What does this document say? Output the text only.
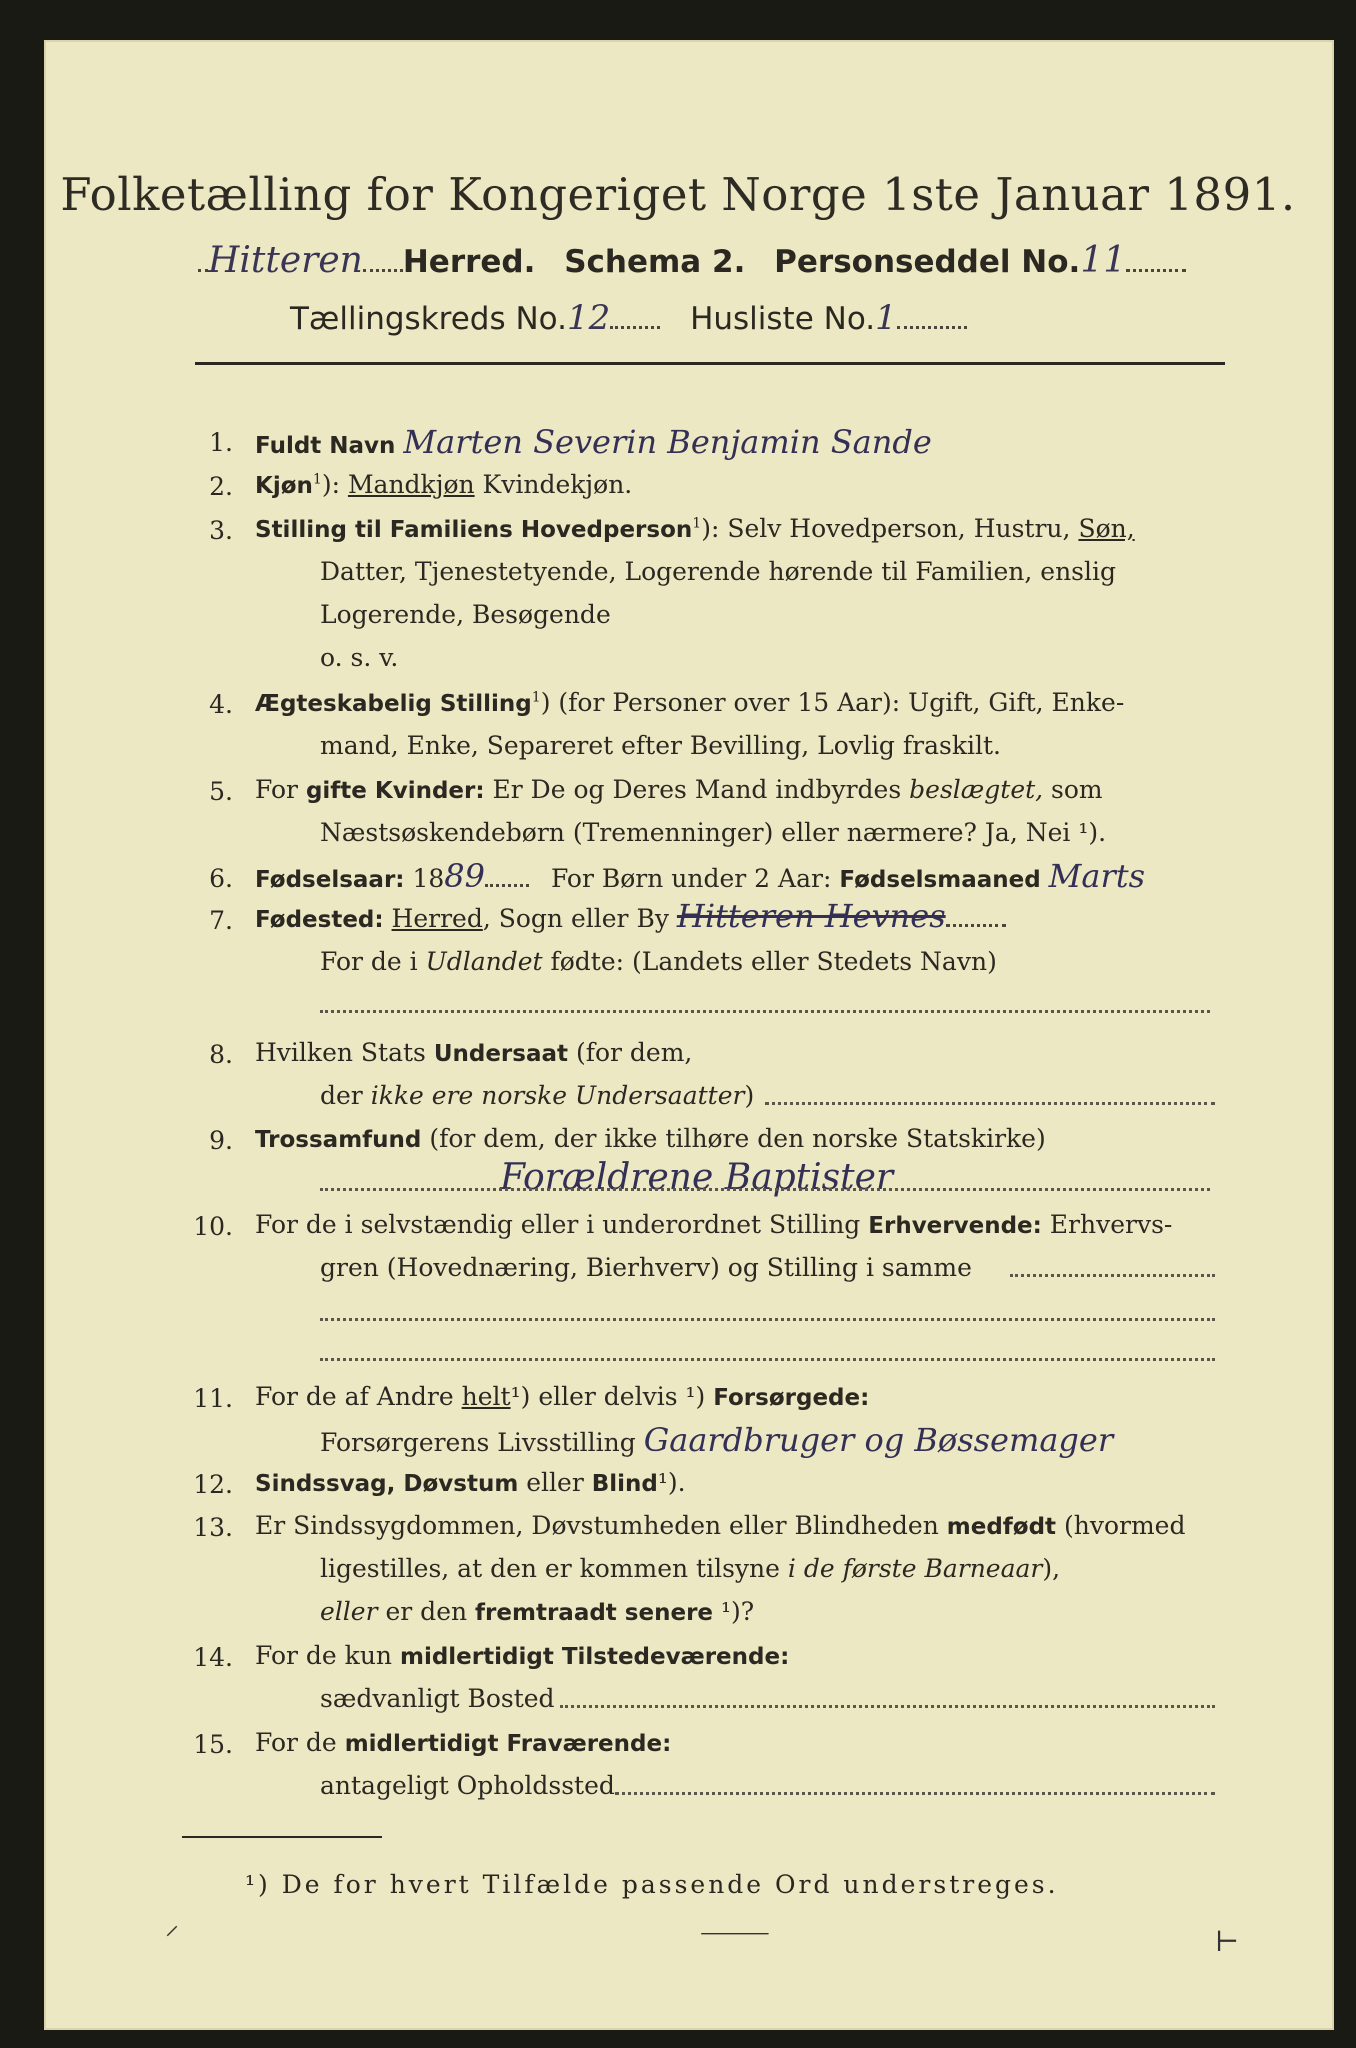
Folketælling for Kongeriget Norge 1ste Januar 1891.
Hitteren Herred. Schema 2. Personseddel No.11
Tællingskreds No.12	Husliste No.1
1. Fuldt Navn Marten Severin Benjamin Sande
2. Kjøn$^1$): Mandkjøn Kvindekjøn.
3. Stilling til Familiens Hovedperson$^1$): Selv Hovedperson, Hustru, Søn,
Datter, Tjenestetyende, Logerende hørende til Familien, enslig
Logerende, Besøgende
o. s. v.
4. Ægteskabelig Stilling$^1$) (for Personer over 15 Aar): Ugift, Gift, Enke-
mand, Enke, Separeret efter Bevilling, Lovlig fraskilt.
5. For gifte Kvinder: Er De og Deres Mand indbyrdes beslægtet, som
Næstsøskendebørn (Tremenninger) eller nærmere? Ja, Nei ¹).
6. Fødselsaar: 1889	For Børn under 2 Aar: Fødselsmaaned Marts
7. Fødested: Herred, Sogn eller By Hitteren Hevnes
For de i Udlandet fødte: (Landets eller Stedets Navn)
8. Hvilken Stats Undersaat (for dem,
der ikke ere norske Undersaatter)
9. Trossamfund (for dem, der ikke tilhøre den norske Statskirke)
Forældrene Baptister
10. For de i selvstændig eller i underordnet Stilling Erhvervende: Erhvervs-
gren (Hovednæring, Bierhverv) og Stilling i samme
11. For de af Andre helt¹) eller delvis ¹) Forsørgede:
Forsørgerens Livsstilling Gaardbruger og Bøssemager
12. Sindssvag, Døvstum eller Blind¹).
13. Er Sindssygdommen, Døvstumheden eller Blindheden medfødt (hvormed
ligestilles, at den er kommen tilsyne i de første Barneaar),
eller er den fremtraadt senere ¹)?
14. For de kun midlertidigt Tilstedeværende:
sædvanligt Bosted
15. For de midlertidigt Fraværende:
antageligt Opholdssted
¹) De for hvert Tilfælde passende Ord understreges.
⸝	⸻	⊢
